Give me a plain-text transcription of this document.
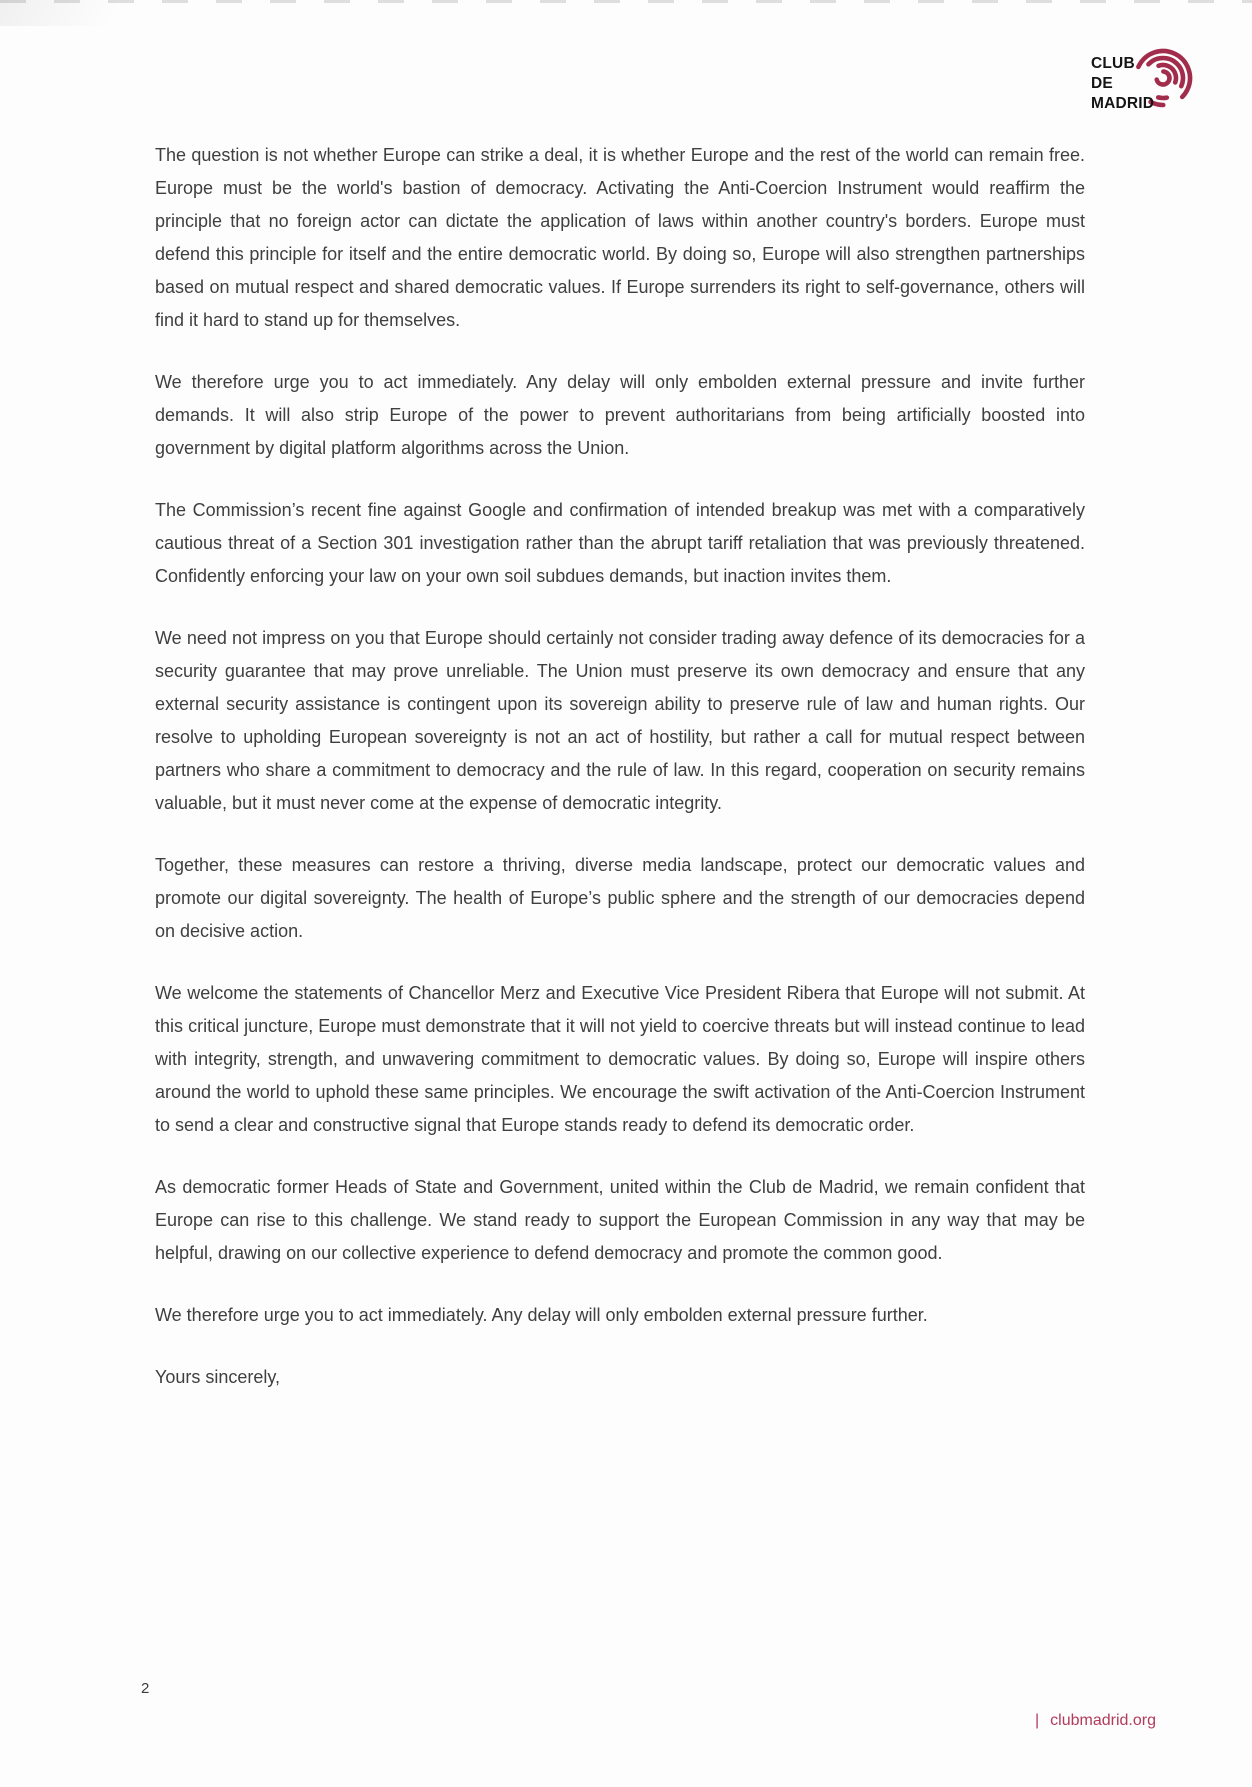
CLUB
DE
MADRID

The question is not whether Europe can strike a deal, it is whether Europe and the rest of the world can remain free. Europe must be the world's bastion of democracy. Activating the Anti-Coercion Instrument would reaffirm the principle that no foreign actor can dictate the application of laws within another country's borders. Europe must defend this principle for itself and the entire democratic world. By doing so, Europe will also strengthen partnerships based on mutual respect and shared democratic values. If Europe surrenders its right to self-governance, others will find it hard to stand up for themselves.

We therefore urge you to act immediately. Any delay will only embolden external pressure and invite further demands. It will also strip Europe of the power to prevent authoritarians from being artificially boosted into government by digital platform algorithms across the Union.

The Commission’s recent fine against Google and confirmation of intended breakup was met with a comparatively cautious threat of a Section 301 investigation rather than the abrupt tariff retaliation that was previously threatened. Confidently enforcing your law on your own soil subdues demands, but inaction invites them.

We need not impress on you that Europe should certainly not consider trading away defence of its democracies for a security guarantee that may prove unreliable. The Union must preserve its own democracy and ensure that any external security assistance is contingent upon its sovereign ability to preserve rule of law and human rights. Our resolve to upholding European sovereignty is not an act of hostility, but rather a call for mutual respect between partners who share a commitment to democracy and the rule of law. In this regard, cooperation on security remains valuable, but it must never come at the expense of democratic integrity.

Together, these measures can restore a thriving, diverse media landscape, protect our democratic values and promote our digital sovereignty. The health of Europe’s public sphere and the strength of our democracies depend on decisive action.

We welcome the statements of Chancellor Merz and Executive Vice President Ribera that Europe will not submit. At this critical juncture, Europe must demonstrate that it will not yield to coercive threats but will instead continue to lead with integrity, strength, and unwavering commitment to democratic values. By doing so, Europe will inspire others around the world to uphold these same principles. We encourage the swift activation of the Anti-Coercion Instrument to send a clear and constructive signal that Europe stands ready to defend its democratic order.

As democratic former Heads of State and Government, united within the Club de Madrid, we remain confident that Europe can rise to this challenge. We stand ready to support the European Commission in any way that may be helpful, drawing on our collective experience to defend democracy and promote the common good.

We therefore urge you to act immediately. Any delay will only embolden external pressure further.

Yours sincerely,

2
| clubmadrid.org
